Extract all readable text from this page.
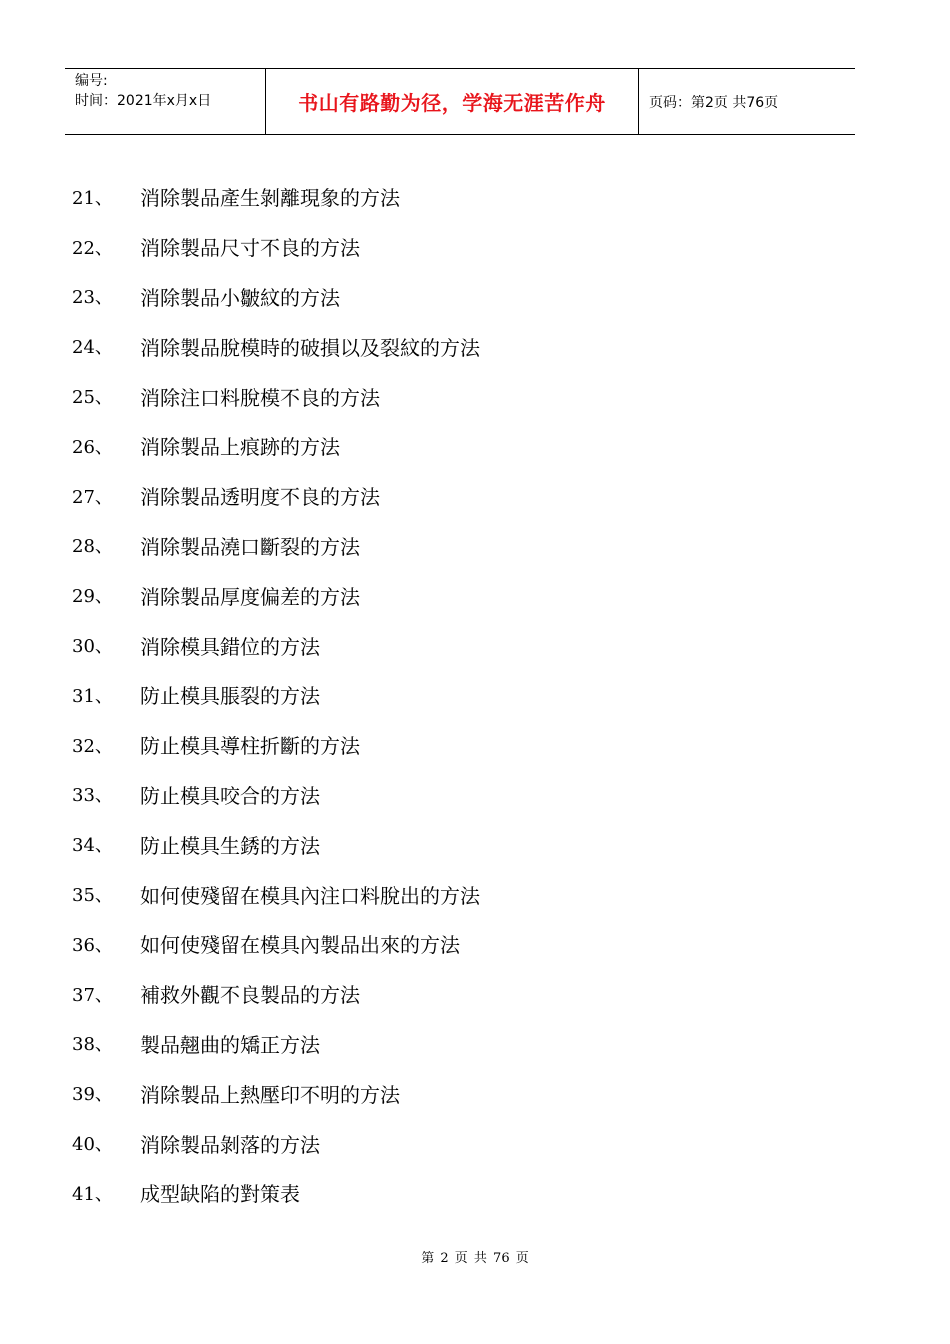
编号:
时间：2021年x月x日	书山有路勤为径，学海无涯苦作舟	页码：第2页 共76页
21、	消除製品產生剝離現象的方法
22、	消除製品尺寸不良的方法
23、	消除製品小皺紋的方法
24、	消除製品脫模時的破損以及裂紋的方法
25、	消除注口料脫模不良的方法
26、	消除製品上痕跡的方法
27、	消除製品透明度不良的方法
28、	消除製品澆口斷裂的方法
29、	消除製品厚度偏差的方法
30、	消除模具錯位的方法
31、	防止模具脹裂的方法
32、	防止模具導柱折斷的方法
33、	防止模具咬合的方法
34、	防止模具生銹的方法
35、	如何使殘留在模具內注口料脫出的方法
36、	如何使殘留在模具內製品出來的方法
37、	補救外觀不良製品的方法
38、	製品翹曲的矯正方法
39、	消除製品上熱壓印不明的方法
40、	消除製品剝落的方法
41、	成型缺陷的對策表
第 2 页 共 76 页
